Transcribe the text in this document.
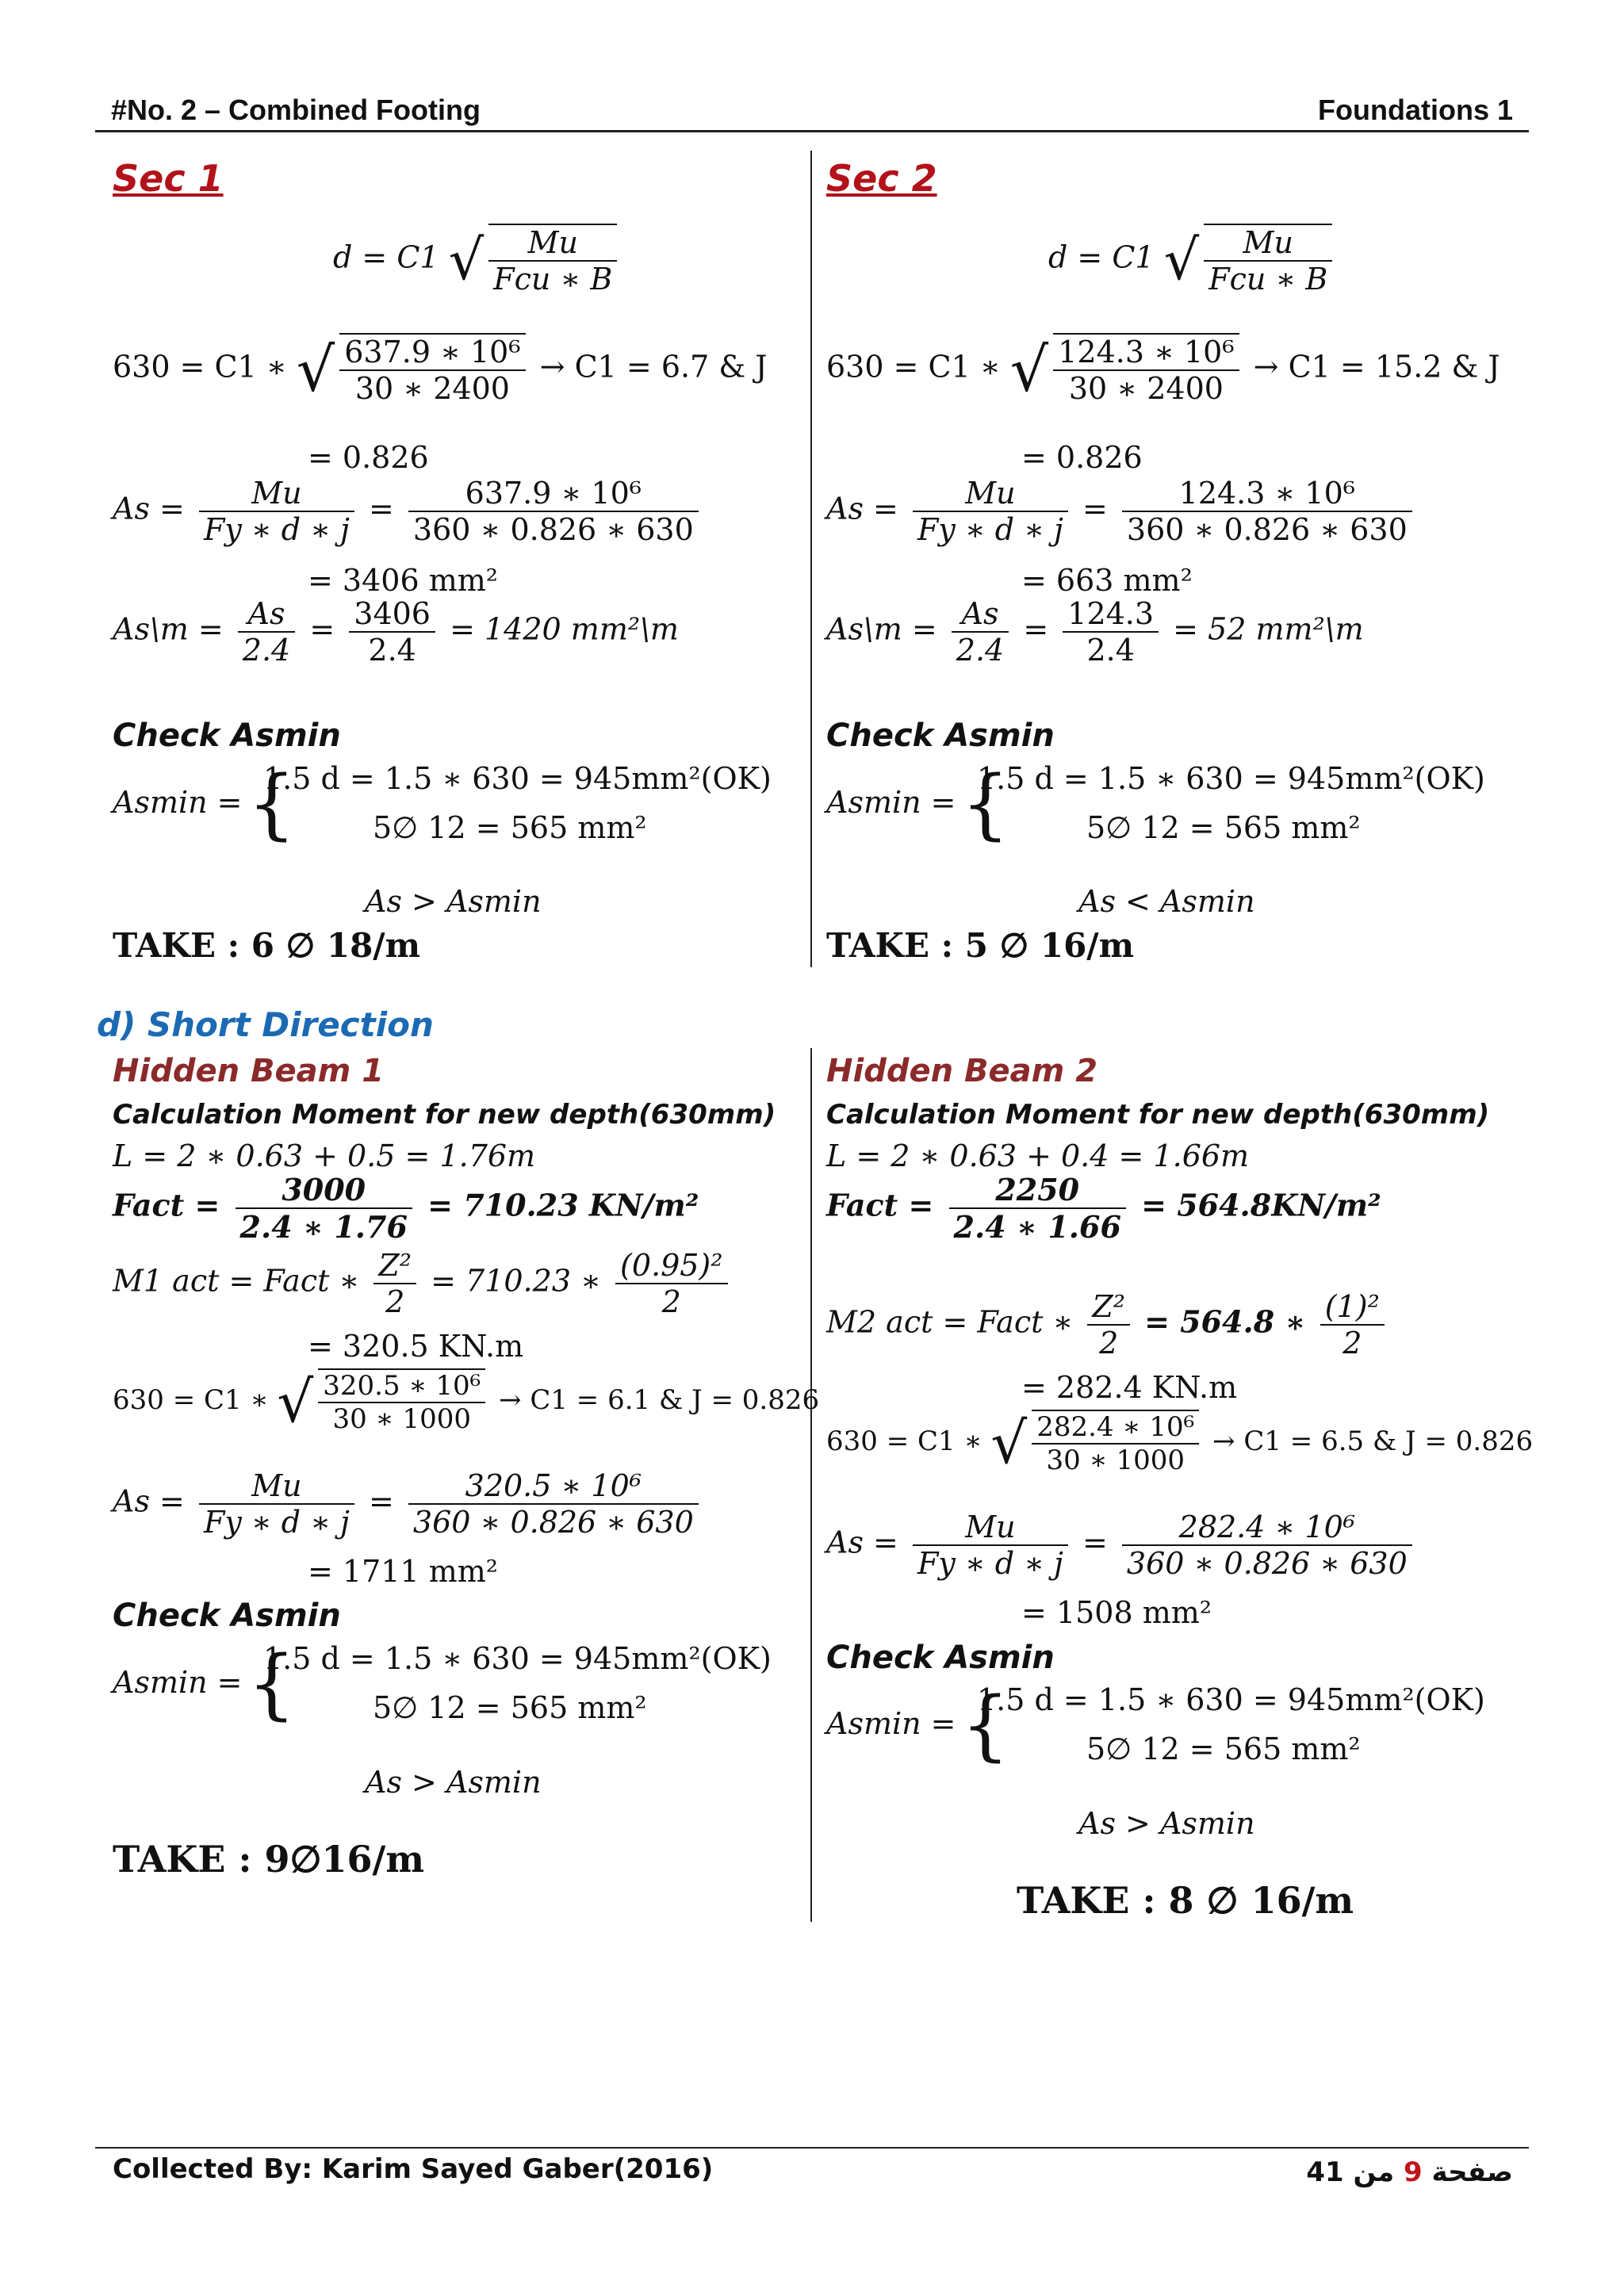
#No. 2 – Combined Footing	Foundations 1
Sec 1
d = C1 √ $\frac{Mu}{\text{Fcu ∗ B}}$
630 = C1 ∗ √ $\frac{\text{637.9 ∗ 10⁶}}{30 ∗ 2400} \to C1 = 6.7$ & J
= 0.826
$As = \frac{Mu}{Fy ∗ d ∗ j} = \frac{\text{637.9 ∗ 10⁶}}{360 ∗ 0.826 ∗ 630}$
= 3406 mm²
As\m = $\frac{As}{2.4} = \frac{3406}{2.4} = 1420$ mm²\m
Check Asmin
Asmin = {
1.5 d = 1.5 ∗ 630 = 945mm²(OK)
5∅ 12 = 565 mm²
As > Asmin
TAKE : 6 ∅ 18/m
Sec 2
d = C1 √ $\frac{Mu}{\text{Fcu ∗ B}}$
630 = C1 ∗ √ $\frac{\text{124.3 ∗ 10⁶}}{30 ∗ 2400} \to C1 = 15.2$ & J
= 0.826
$As = \frac{Mu}{Fy ∗ d ∗ j} = \frac{\text{124.3 ∗ 10⁶}}{360 ∗ 0.826 ∗ 630}$
= 663 mm²
As\m = $\frac{As}{2.4} = \frac{124.3}{2.4} = 52$ mm²\m
Check Asmin
Asmin = {
1.5 d = 1.5 ∗ 630 = 945mm²(OK)
5∅ 12 = 565 mm²
As < Asmin
TAKE : 5 ∅ 16/m
d) Short Direction
Hidden Beam 1
Calculation Moment for new depth(630mm)
L = 2 ∗ 0.63 + 0.5 = 1.76m
Fact = $\frac{3000}{2.4 ∗ 1.76} = 710.23$ KN/m²
M1 act = Fact ∗ $\frac{\text{Z²}}{2} = 710.23$ ∗ $\frac{\text{(0.95)²}}{2}$
= 320.5 KN.m
630 = C1 ∗ √ $\frac{\text{320.5 ∗ 10⁶}}{30 ∗ 1000} \to C1 = 6.1$ & J = 0.826
$As = \frac{Mu}{Fy ∗ d ∗ j} = \frac{\text{320.5 ∗ 10⁶}}{360 ∗ 0.826 ∗ 630}$
= 1711 mm²
Check Asmin
Asmin = {
1.5 d = 1.5 ∗ 630 = 945mm²(OK)
5∅ 12 = 565 mm²
As > Asmin
TAKE : 9∅16/m
Hidden Beam 2
Calculation Moment for new depth(630mm)
L = 2 ∗ 0.63 + 0.4 = 1.66m
Fact = $\frac{2250}{2.4 ∗ 1.66} = 564.8KN/m^2$
M2 act = Fact ∗ $\frac{\text{Z²}}{2} = 564.8$ ∗ $\frac{\text{(1)²}}{2}$
= 282.4 KN.m
630 = C1 ∗ √ $\frac{\text{282.4 ∗ 10⁶}}{30 ∗ 1000} \to C1 = 6.5$ & J = 0.826
$As = \frac{Mu}{Fy ∗ d ∗ j} = \frac{\text{282.4 ∗ 10⁶}}{360 ∗ 0.826 ∗ 630}$
= 1508 mm²
Check Asmin
Asmin = {
1.5 d = 1.5 ∗ 630 = 945mm²(OK)
5∅ 12 = 565 mm²
As > Asmin
TAKE : 8 ∅ 16/m
Collected By: Karim Sayed Gaber(2016)	صفحة 9 من 41
